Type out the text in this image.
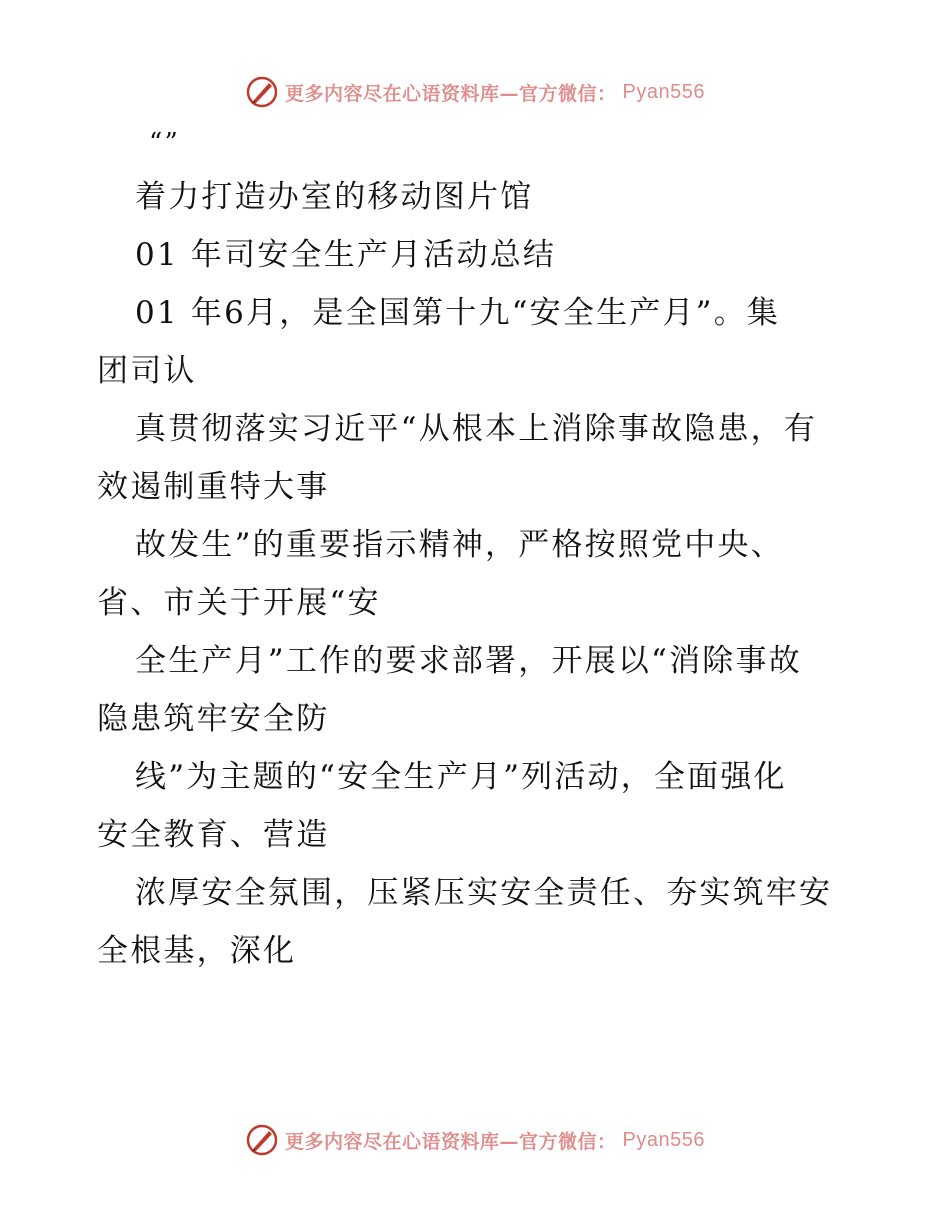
更多内容尽在心语资料库—官方微信： Pyan556
“”
着力打造办室的移动图片馆
01 年司安全生产月活动总结
01 年6月，是全国第十九“安全生产月”。集
团司认
真贯彻落实习近平“从根本上消除事故隐患，有
效遏制重特大事
故发生”的重要指示精神，严格按照党中央、
省、市关于开展“安
全生产月”工作的要求部署，开展以“消除事故
隐患筑牢安全防
线”为主题的“安全生产月”列活动，全面强化
安全教育、营造
浓厚安全氛围，压紧压实安全责任、夯实筑牢安
全根基，深化
更多内容尽在心语资料库—官方微信： Pyan556
